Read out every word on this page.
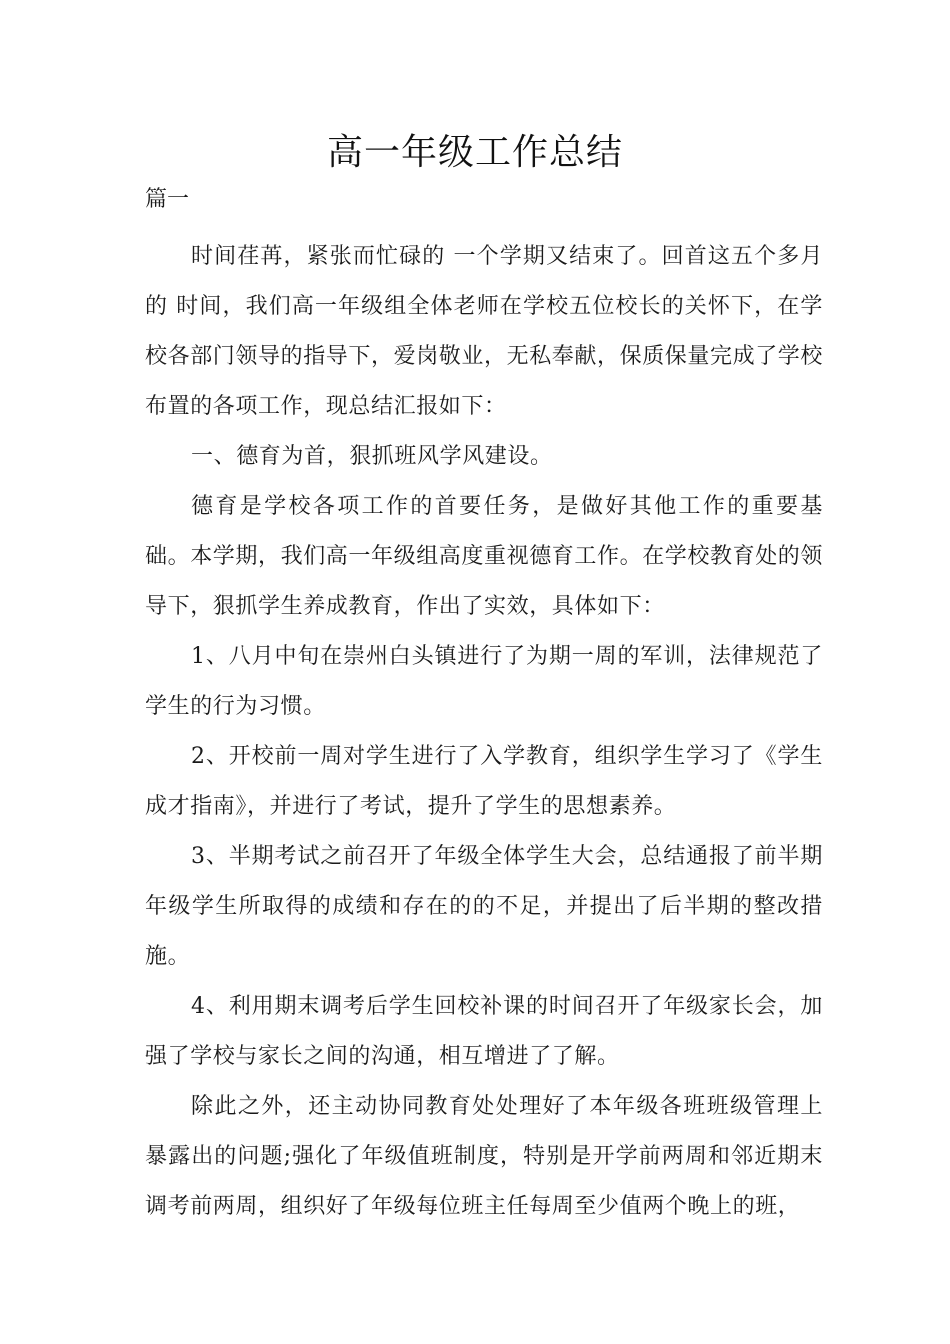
高一年级工作总结

篇一

时间荏苒，紧张而忙碌的 一个学期又结束了。回首这五个多月的 时间，我们高一年级组全体老师在学校五位校长的关怀下，在学校各部门领导的指导下，爱岗敬业，无私奉献，保质保量完成了学校布置的各项工作，现总结汇报如下：

一、德育为首，狠抓班风学风建设。

德育是学校各项工作的首要任务，是做好其他工作的重要基础。本学期，我们高一年级组高度重视德育工作。在学校教育处的领导下，狠抓学生养成教育，作出了实效，具体如下：

1、八月中旬在崇州白头镇进行了为期一周的军训，法律规范了学生的行为习惯。

2、开校前一周对学生进行了入学教育，组织学生学习了《学生成才指南》，并进行了考试，提升了学生的思想素养。

3、半期考试之前召开了年级全体学生大会，总结通报了前半期年级学生所取得的成绩和存在的的不足，并提出了后半期的整改措施。

4、利用期末调考后学生回校补课的时间召开了年级家长会，加强了学校与家长之间的沟通，相互增进了了解。

除此之外，还主动协同教育处处理好了本年级各班班级管理上暴露出的问题;强化了年级值班制度，特别是开学前两周和邻近期末调考前两周，组织好了年级每位班主任每周至少值两个晚上的班，
